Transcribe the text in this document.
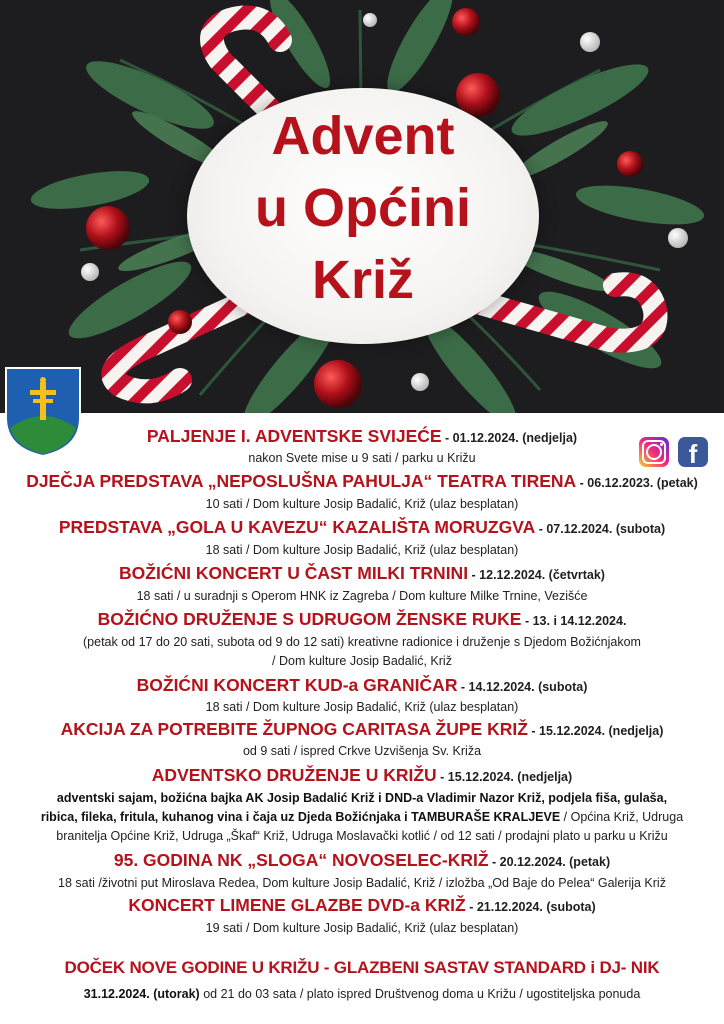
Advent
u Općini
Križ
f
PALJENJE I. ADVENTSKE SVIJEĆE - 01.12.2024. (nedjelja)
nakon Svete mise u 9 sati / parku u Križu
DJEČJA PREDSTAVA „NEPOSLUŠNA PAHULJA“ TEATRA TIRENA - 06.12.2023. (petak)
10 sati / Dom kulture Josip Badalić, Križ (ulaz besplatan)
PREDSTAVA „GOLA U KAVEZU“ KAZALIŠTA MORUZGVA - 07.12.2024. (subota)
18 sati / Dom kulture Josip Badalić, Križ (ulaz besplatan)
BOŽIĆNI KONCERT U ČAST MILKI TRNINI - 12.12.2024. (četvrtak)
18 sati / u suradnji s Operom HNK iz Zagreba / Dom kulture Milke Trnine, Vezišće
BOŽIĆNO DRUŽENJE S UDRUGOM ŽENSKE RUKE - 13. i 14.12.2024.
(petak od 17 do 20 sati, subota od 9 do 12 sati) kreativne radionice i druženje s Djedom Božićnjakom
/ Dom kulture Josip Badalić, Križ
BOŽIĆNI KONCERT KUD-a GRANIČAR - 14.12.2024. (subota)
18 sati / Dom kulture Josip Badalić, Križ (ulaz besplatan)
AKCIJA ZA POTREBITE ŽUPNOG CARITASA ŽUPE KRIŽ - 15.12.2024. (nedjelja)
od 9 sati / ispred Crkve Uzvišenja Sv. Križa
ADVENTSKO DRUŽENJE U KRIŽU - 15.12.2024. (nedjelja)
adventski sajam, božićna bajka AK Josip Badalić Križ i DND-a Vladimir Nazor Križ, podjela fiša, gulaša,
ribica, fileka, fritula, kuhanog vina i čaja uz Djeda Božićnjaka i TAMBURAŠE KRALJEVE / Općina Križ, Udruga
branitelja Općine Križ, Udruga „Škaf“ Križ, Udruga Moslavački kotlić / od 12 sati / prodajni plato u parku u Križu
95. GODINA NK „SLOGA“ NOVOSELEC-KRIŽ - 20.12.2024. (petak)
18 sati /životni put Miroslava Redea, Dom kulture Josip Badalić, Križ / izložba „Od Baje do Pelea“ Galerija Križ
KONCERT LIMENE GLAZBE DVD-a KRIŽ - 21.12.2024. (subota)
19 sati / Dom kulture Josip Badalić, Križ (ulaz besplatan)
DOČEK NOVE GODINE U KRIŽU - GLAZBENI SASTAV STANDARD i DJ- NIK
31.12.2024. (utorak) od 21 do 03 sata / plato ispred Društvenog doma u Križu / ugostiteljska ponuda
